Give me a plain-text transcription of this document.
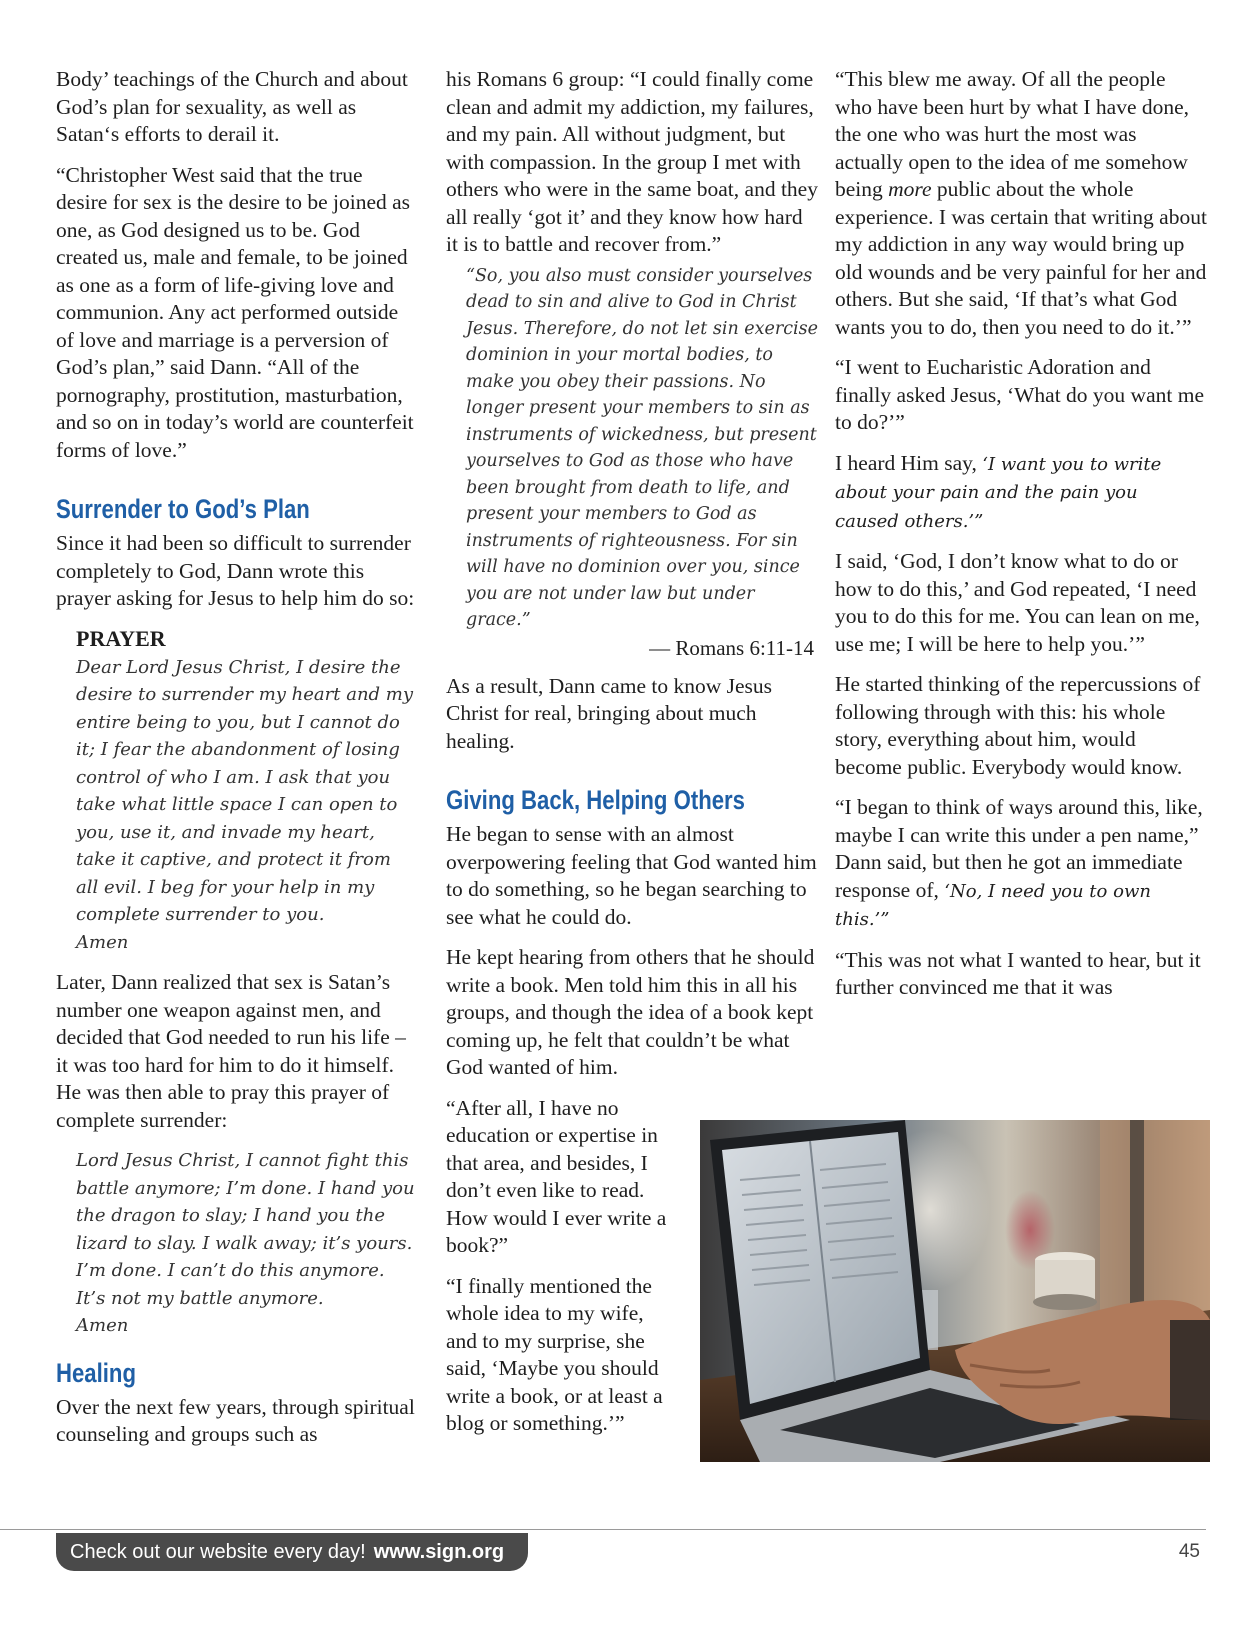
Body’ teachings of the Church and about God’s plan for sexuality, as well as Satan‘s efforts to derail it.

“Christopher West said that the true desire for sex is the desire to be joined as one, as God designed us to be. God created us, male and female, to be joined as one as a form of life-giving love and communion. Any act performed outside of love and marriage is a perversion of God’s plan,” said Dann. “All of the pornography, prostitution, masturbation, and so on in today’s world are counterfeit forms of love.”

Surrender to God’s Plan

Since it had been so difficult to surrender completely to God, Dann wrote this prayer asking for Jesus to help him do so:

PRAYER
Dear Lord Jesus Christ, I desire the desire to surrender my heart and my entire being to you, but I cannot do it; I fear the abandonment of losing control of who I am. I ask that you take what little space I can open to you, use it, and invade my heart, take it captive, and protect it from all evil. I beg for your help in my complete surrender to you.
Amen

Later, Dann realized that sex is Satan’s number one weapon against men, and decided that God needed to run his life – it was too hard for him to do it himself. He was then able to pray this prayer of complete surrender:

Lord Jesus Christ, I cannot fight this battle anymore; I’m done. I hand you the dragon to slay; I hand you the lizard to slay. I walk away; it’s yours. I’m done. I can’t do this anymore. It’s not my battle anymore.
Amen
Healing

Over the next few years, through spiritual counseling and groups such as

his Romans 6 group: “I could finally come clean and admit my addiction, my failures, and my pain. All without judgment, but with compassion. In the group I met with others who were in the same boat, and they all really ‘got it’ and they know how hard it is to battle and recover from.”

“So, you also must consider yourselves dead to sin and alive to God in Christ Jesus. Therefore, do not let sin exercise dominion in your mortal bodies, to make you obey their passions. No longer present your members to sin as instruments of wickedness, but present yourselves to God as those who have been brought from death to life, and present your members to God as instruments of righteousness. For sin will have no dominion over you, since you are not under law but under grace.”
— Romans 6:11-14

As a result, Dann came to know Jesus Christ for real, bringing about much healing.

Giving Back, Helping Others

He began to sense with an almost overpowering feeling that God wanted him to do something, so he began searching to see what he could do.

He kept hearing from others that he should write a book. Men told him this in all his groups, and though the idea of a book kept coming up, he felt that couldn’t be what God wanted of him.

“After all, I have no education or expertise in that area, and besides, I don’t even like to read. How would I ever write a book?”

“I finally mentioned the whole idea to my wife, and to my surprise, she said, ‘Maybe you should write a book, or at least a blog or something.’”

“This blew me away. Of all the people who have been hurt by what I have done, the one who was hurt the most was actually open to the idea of me somehow being more public about the whole experience. I was certain that writing about my addiction in any way would bring up old wounds and be very painful for her and others. But she said, ‘If that’s what God wants you to do, then you need to do it.’”

“I went to Eucharistic Adoration and finally asked Jesus, ‘What do you want me to do?’”

I heard Him say, ‘I want you to write about your pain and the pain you caused others.’”

I said, ‘God, I don’t know what to do or how to do this,’ and God repeated, ‘I need you to do this for me. You can lean on me, use me; I will be here to help you.’”

He started thinking of the repercussions of following through with this: his whole story, everything about him, would become public. Everybody would know.

“I began to think of ways around this, like, maybe I can write this under a pen name,” Dann said, but then he got an immediate response of, ‘No, I need you to own this.’”

“This was not what I wanted to hear, but it further convinced me that it was

Check out our website every day! www.sign.org	45
